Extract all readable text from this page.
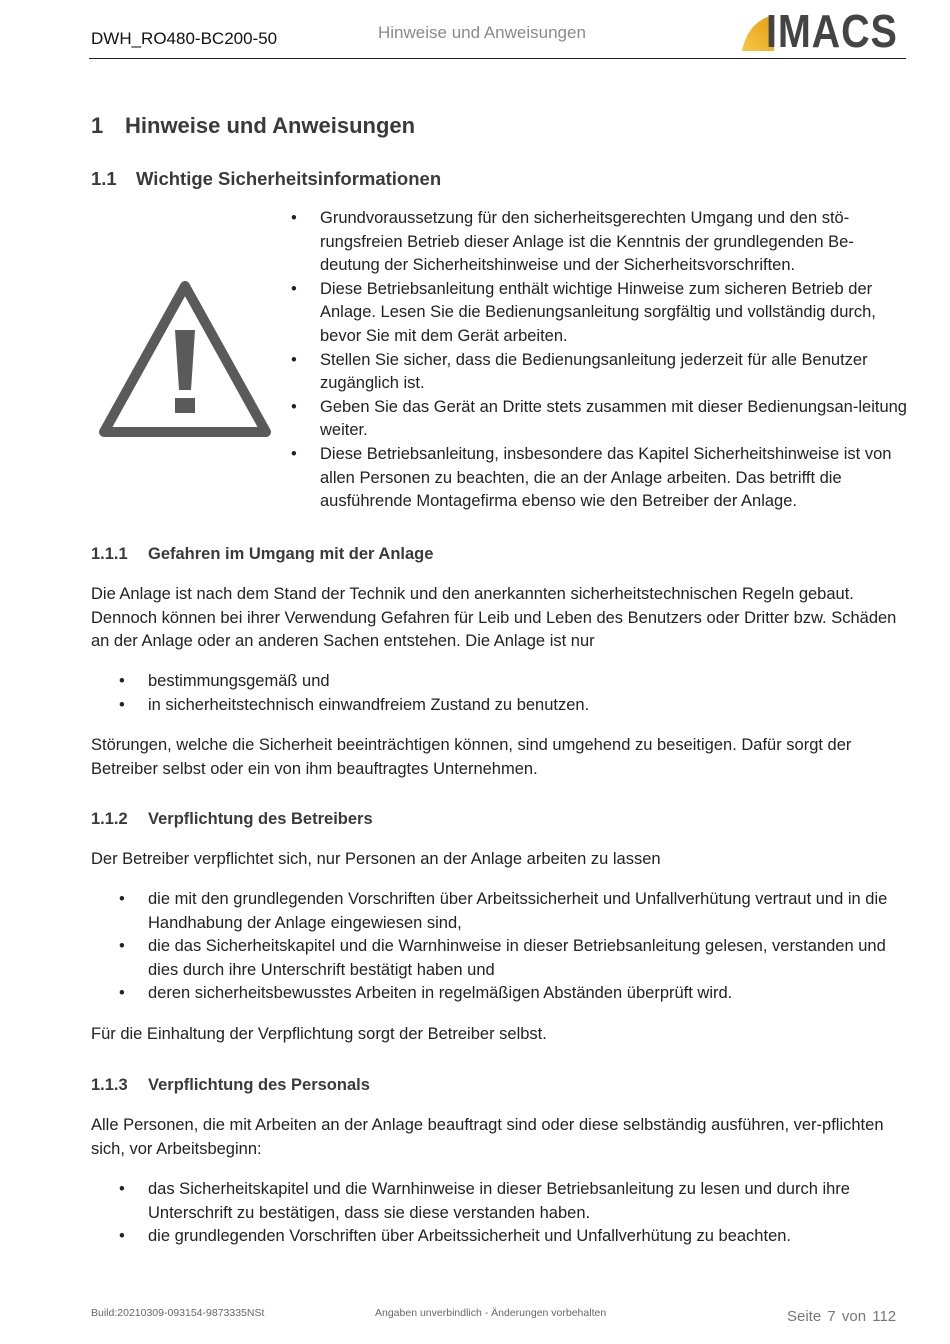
DWH_RO480-BC200-50	Hinweise und Anweisungen	IMACS
1 Hinweise und Anweisungen
1.1 Wichtige Sicherheitsinformationen
• Grundvoraussetzung für den sicherheitsgerechten Umgang und den stö-rungsfreien Betrieb dieser Anlage ist die Kenntnis der grundlegenden Be-deutung der Sicherheitshinweise und der Sicherheitsvorschriften.
• Diese Betriebsanleitung enthält wichtige Hinweise zum sicheren Betrieb der Anlage. Lesen Sie die Bedienungsanleitung sorgfältig und vollständig durch, bevor Sie mit dem Gerät arbeiten.
• Stellen Sie sicher, dass die Bedienungsanleitung jederzeit für alle Benutzer zugänglich ist.
• Geben Sie das Gerät an Dritte stets zusammen mit dieser Bedienungsan-leitung weiter.
• Diese Betriebsanleitung, insbesondere das Kapitel Sicherheitshinweise ist von allen Personen zu beachten, die an der Anlage arbeiten. Das betrifft die ausführende Montagefirma ebenso wie den Betreiber der Anlage.
1.1.1 Gefahren im Umgang mit der Anlage
Die Anlage ist nach dem Stand der Technik und den anerkannten sicherheitstechnischen Regeln gebaut. Dennoch können bei ihrer Verwendung Gefahren für Leib und Leben des Benutzers oder Dritter bzw. Schäden an der Anlage oder an anderen Sachen entstehen. Die Anlage ist nur
• bestimmungsgemäß und
• in sicherheitstechnisch einwandfreiem Zustand zu benutzen.
Störungen, welche die Sicherheit beeinträchtigen können, sind umgehend zu beseitigen. Dafür sorgt der Betreiber selbst oder ein von ihm beauftragtes Unternehmen.
1.1.2 Verpflichtung des Betreibers
Der Betreiber verpflichtet sich, nur Personen an der Anlage arbeiten zu lassen
• die mit den grundlegenden Vorschriften über Arbeitssicherheit und Unfallverhütung vertraut und in die Handhabung der Anlage eingewiesen sind,
• die das Sicherheitskapitel und die Warnhinweise in dieser Betriebsanleitung gelesen, verstanden und dies durch ihre Unterschrift bestätigt haben und
• deren sicherheitsbewusstes Arbeiten in regelmäßigen Abständen überprüft wird.
Für die Einhaltung der Verpflichtung sorgt der Betreiber selbst.
1.1.3 Verpflichtung des Personals
Alle Personen, die mit Arbeiten an der Anlage beauftragt sind oder diese selbständig ausführen, ver-pflichten sich, vor Arbeitsbeginn:
• das Sicherheitskapitel und die Warnhinweise in dieser Betriebsanleitung zu lesen und durch ihre Unterschrift zu bestätigen, dass sie diese verstanden haben.
• die grundlegenden Vorschriften über Arbeitssicherheit und Unfallverhütung zu beachten.
Build:20210309-093154-9873335NSt	Angaben unverbindlich - Änderungen vorbehalten	Seite 7 von 112
